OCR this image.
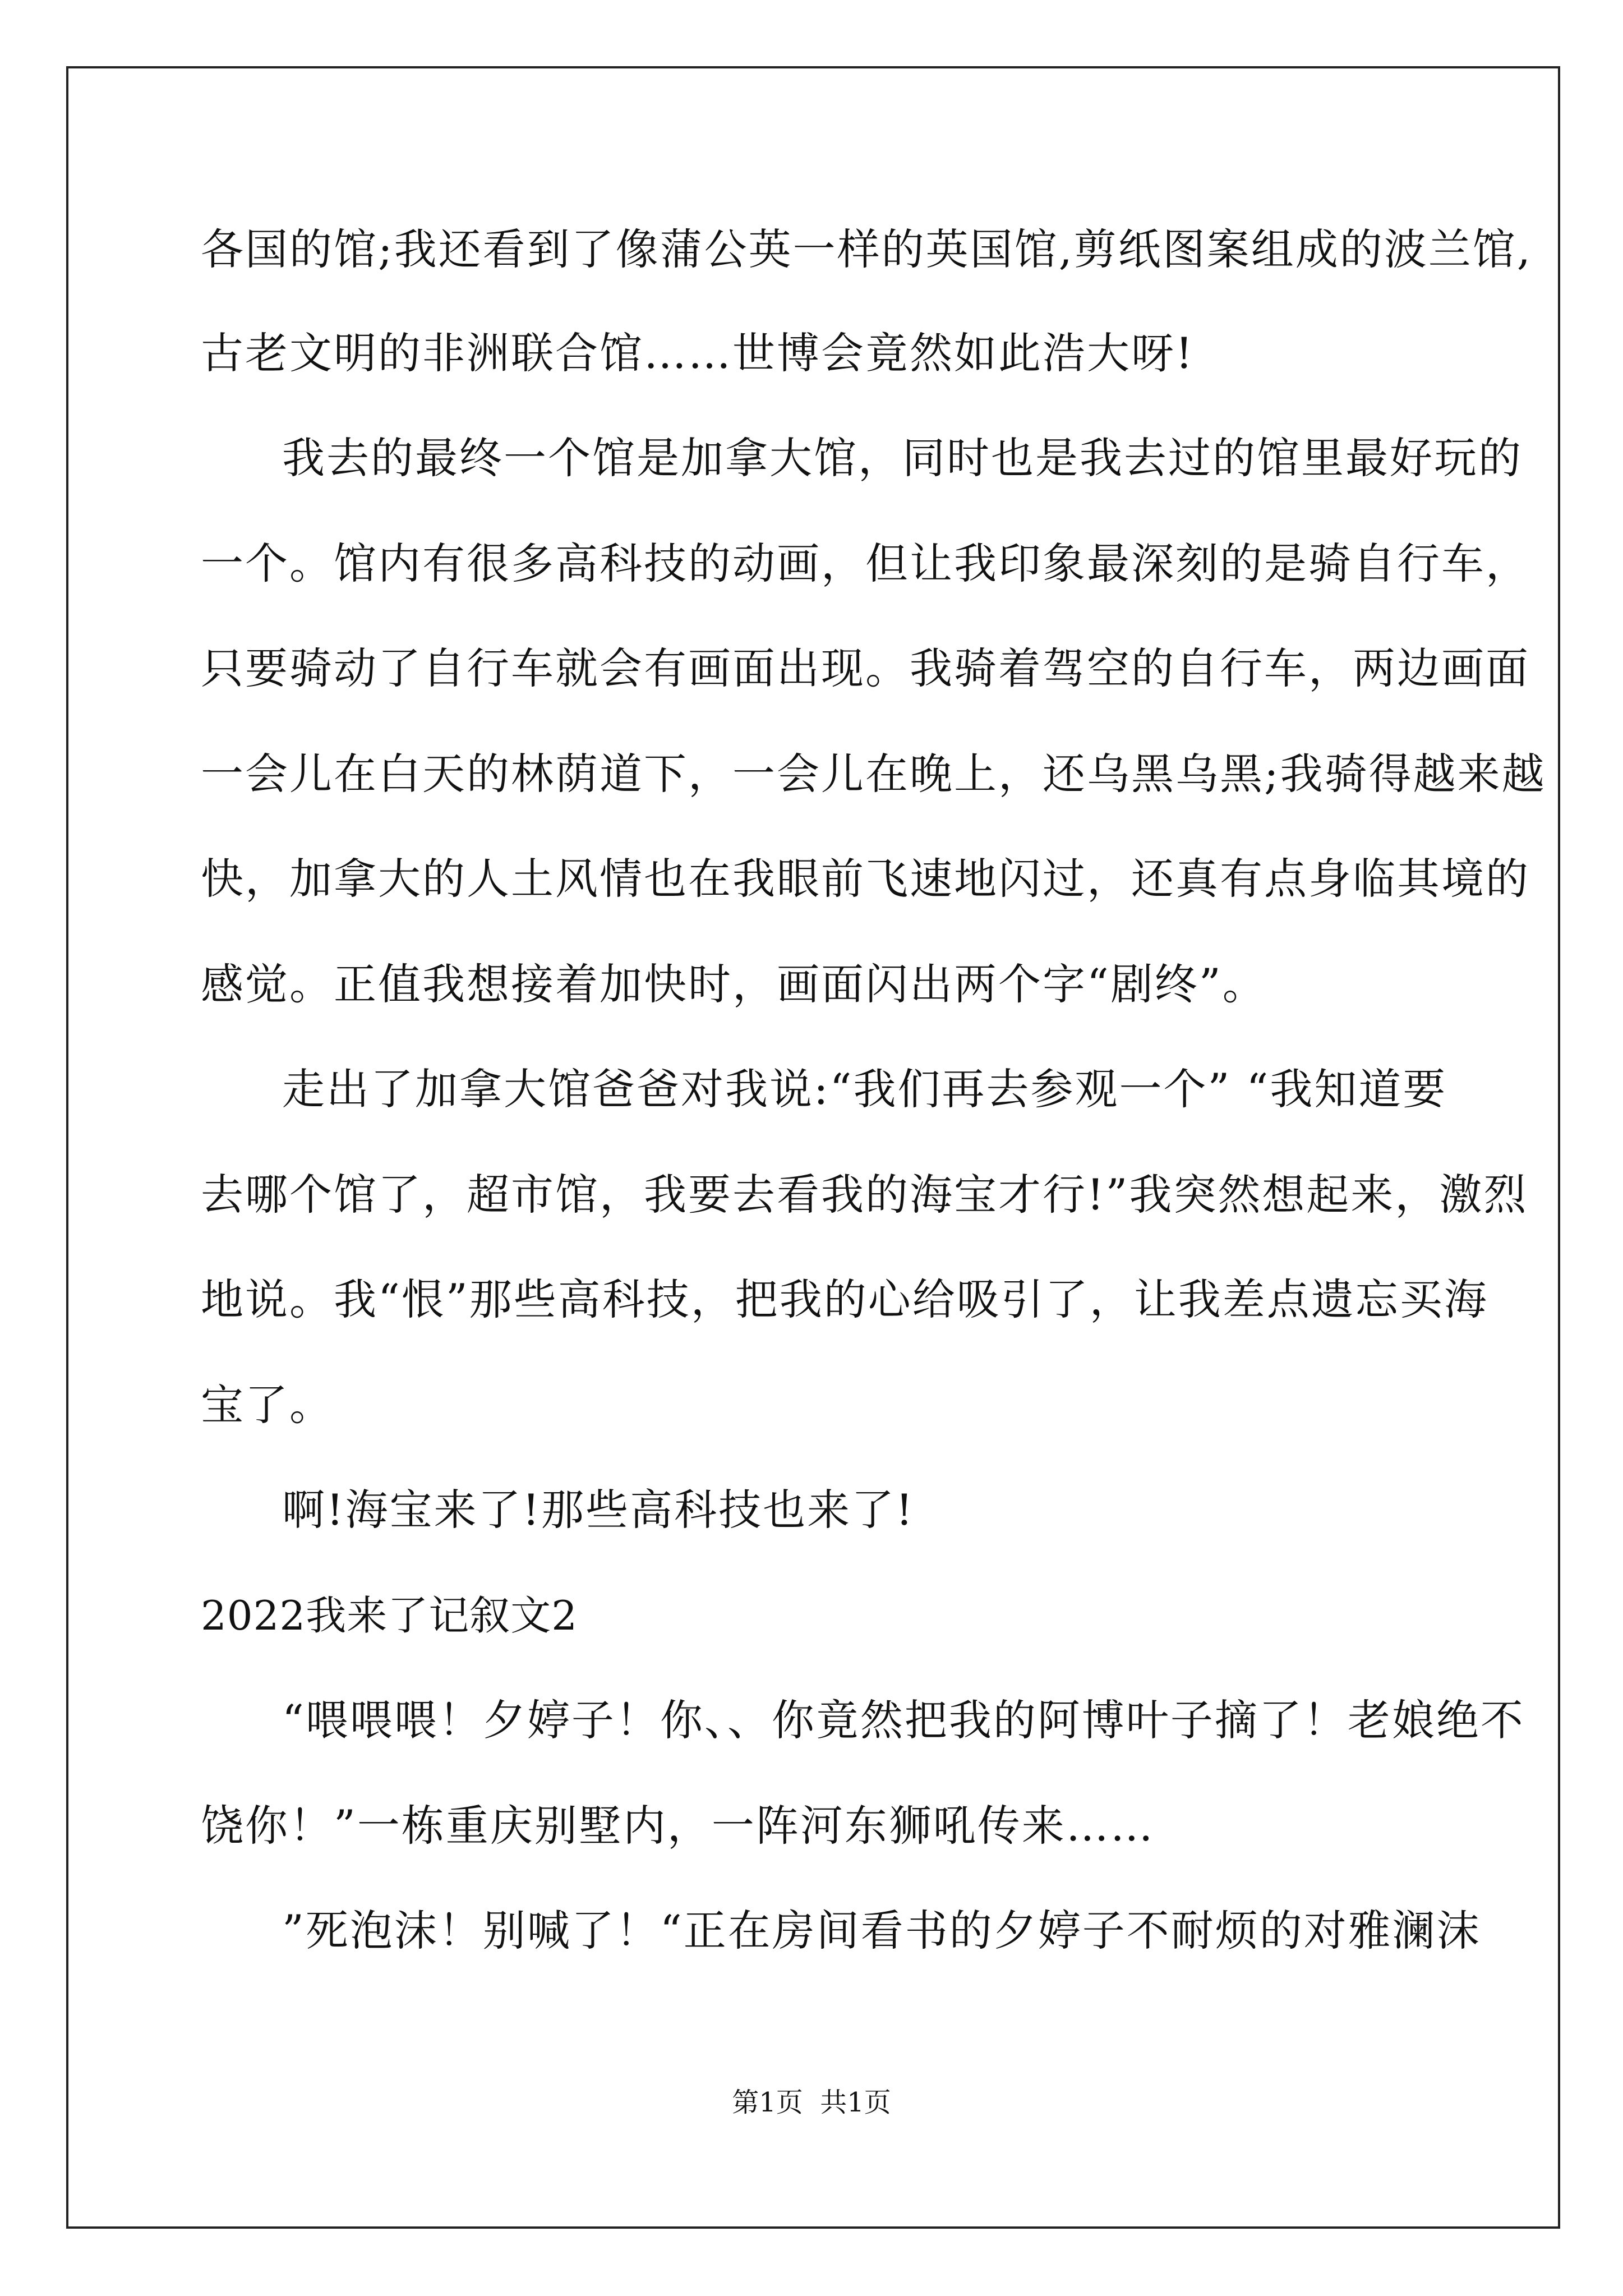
各国的馆;我还看到了像蒲公英一样的英国馆,剪纸图案组成的波兰馆,
古老文明的非洲联合馆……世博会竟然如此浩大呀!
我去的最终一个馆是加拿大馆，同时也是我去过的馆里最好玩的
一个。馆内有很多高科技的动画，但让我印象最深刻的是骑自行车，
只要骑动了自行车就会有画面出现。我骑着驾空的自行车，两边画面
一会儿在白天的林荫道下，一会儿在晚上，还乌黑乌黑;我骑得越来越
快，加拿大的人土风情也在我眼前飞速地闪过，还真有点身临其境的
感觉。正值我想接着加快时，画面闪出两个字“剧终”。
走出了加拿大馆爸爸对我说:“我们再去参观一个” “我知道要
去哪个馆了，超市馆，我要去看我的海宝才行!”我突然想起来，激烈
地说。我“恨”那些高科技，把我的心给吸引了，让我差点遗忘买海
宝了。
啊!海宝来了!那些高科技也来了!
2022我来了记叙文2
“喂喂喂！夕婷子！你、、你竟然把我的阿博叶子摘了！老娘绝不
饶你！”一栋重庆别墅内，一阵河东狮吼传来……
”死泡沫！别喊了！“正在房间看书的夕婷子不耐烦的对雅澜沫
第1页  共1页
